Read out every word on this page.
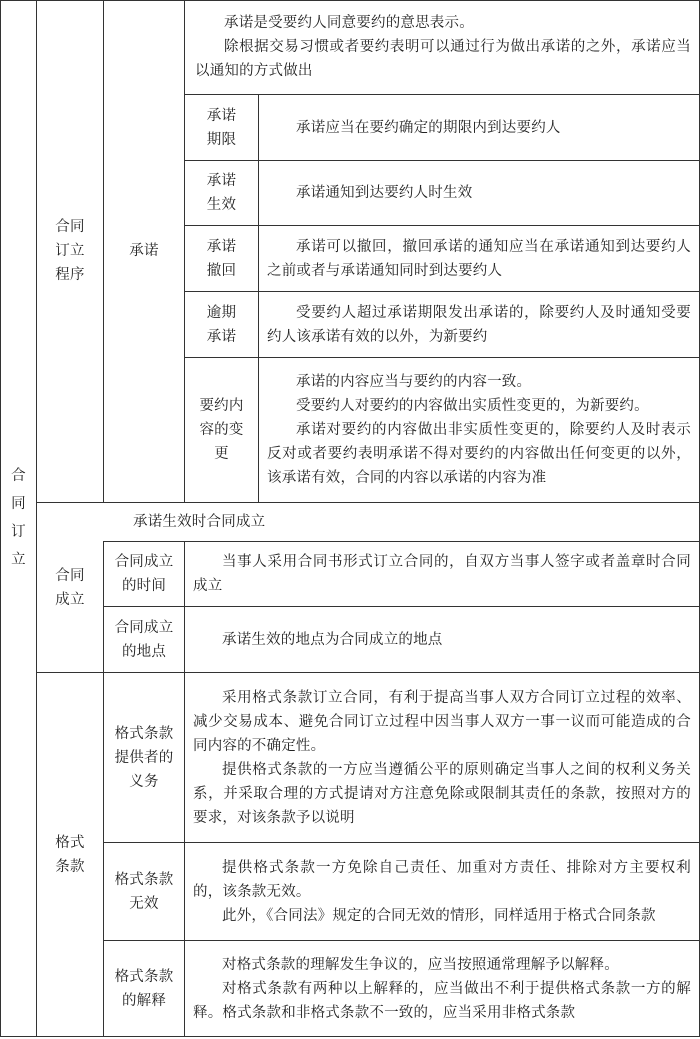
合同订立
合同订立程序
合同成立
格式条款
承诺

承诺是受要约人同意要约的意思表示。

除根据交易习惯或者要约表明可以通过行为做出承诺的之外，承诺应当以通知的方式做出

承诺期限

承诺应当在要约确定的期限内到达要约人

承诺生效

承诺通知到达要约人时生效

承诺撤回

承诺可以撤回，撤回承诺的通知应当在承诺通知到达要约人之前或者与承诺通知同时到达要约人

逾期承诺

受要约人超过承诺期限发出承诺的，除要约人及时通知受要约人该承诺有效的以外，为新要约

要约内容的变更

承诺的内容应当与要约的内容一致。

受要约人对要约的内容做出实质性变更的，为新要约。

承诺对要约的内容做出非实质性变更的，除要约人及时表示反对或者要约表明承诺不得对要约的内容做出任何变更的以外，该承诺有效，合同的内容以承诺的内容为准

承诺生效时合同成立

合同成立的时间

当事人采用合同书形式订立合同的，自双方当事人签字或者盖章时合同成立

合同成立的地点

承诺生效的地点为合同成立的地点

格式条款提供者的义务

采用格式条款订立合同，有利于提高当事人双方合同订立过程的效率、减少交易成本、避免合同订立过程中因当事人双方一事一议而可能造成的合同内容的不确定性。

提供格式条款的一方应当遵循公平的原则确定当事人之间的权利义务关系，并采取合理的方式提请对方注意免除或限制其责任的条款，按照对方的要求，对该条款予以说明

格式条款无效

提供格式条款一方免除自己责任、加重对方责任、排除对方主要权利的，该条款无效。

此外，《合同法》规定的合同无效的情形，同样适用于格式合同条款

格式条款的解释

对格式条款的理解发生争议的，应当按照通常理解予以解释。

对格式条款有两种以上解释的，应当做出不利于提供格式条款一方的解释。格式条款和非格式条款不一致的，应当采用非格式条款
